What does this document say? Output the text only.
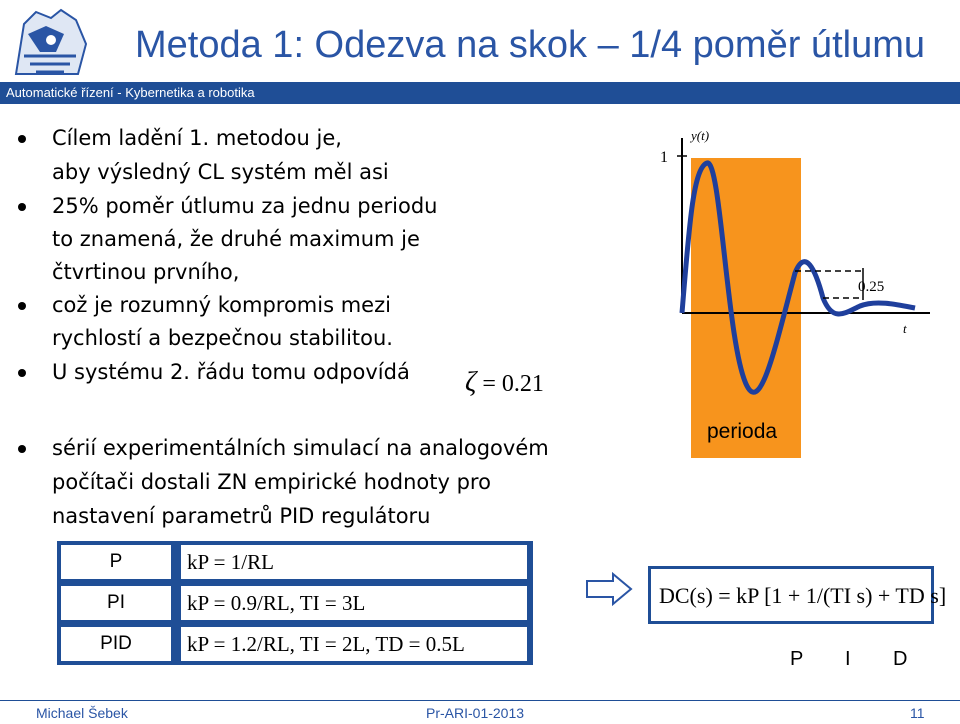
Metoda 1: Odezva na skok – 1/4 poměr útlumu
Automatické řízení - Kybernetika a robotika
Cílem ladění 1. metodou je,
aby výsledný CL systém měl asi
25% poměr útlumu za jednu periodu
to znamená, že druhé maximum je
čtvrtinou prvního,
což je rozumný kompromis mezi
rychlostí a bezpečnou stabilitou.
U systému 2. řádu tomu odpovídá
sérií experimentálních simulací na analogovém
počítači dostali ZN empirické hodnoty pro
nastavení parametrů PID regulátoru
ζ = 0.21
P	kP = 1/RL
PI	kP = 0.9/RL, TI = 3L
PID	kP = 1.2/RL, TI = 2L, TD = 0.5L
DC(s) = kP [1 + 1/(TI s) + TD s]
P I D
1
y(t)
t
0.25
perioda
Michael Šebek	Pr-ARI-01-2013	11
